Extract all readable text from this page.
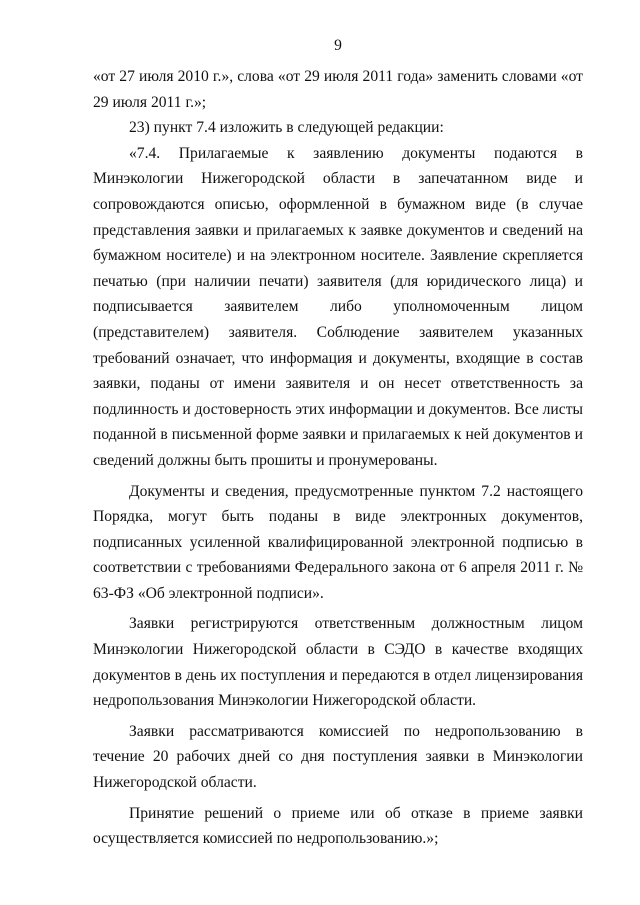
9

«от 27 июля 2010 г.», слова «от 29 июля 2011 года» заменить словами «от 29 июля 2011 г.»;

23) пункт 7.4 изложить в следующей редакции:

«7.4. Прилагаемые к заявлению документы подаются в Минэкологии Нижегородской области в запечатанном виде и сопровождаются описью, оформленной в бумажном виде (в случае представления заявки и прилагаемых к заявке документов и сведений на бумажном носителе) и на электронном носителе. Заявление скрепляется печатью (при наличии печати) заявителя (для юридического лица) и подписывается заявителем либо уполномоченным лицом (представителем) заявителя. Соблюдение заявителем указанных требований означает, что информация и документы, входящие в состав заявки, поданы от имени заявителя и он несет ответственность за подлинность и достоверность этих информации и документов. Все листы поданной в письменной форме заявки и прилагаемых к ней документов и сведений должны быть прошиты и пронумерованы.

Документы и сведения, предусмотренные пунктом 7.2 настоящего Порядка, могут быть поданы в виде электронных документов, подписанных усиленной квалифицированной электронной подписью в соответствии с требованиями Федерального закона от 6 апреля 2011 г. № 63-ФЗ «Об электронной подписи».

Заявки регистрируются ответственным должностным лицом Минэкологии Нижегородской области в СЭДО в качестве входящих документов в день их поступления и передаются в отдел лицензирования недропользования Минэкологии Нижегородской области.

Заявки рассматриваются комиссией по недропользованию в течение 20 рабочих дней со дня поступления заявки в Минэкологии Нижегородской области.

Принятие решений о приеме или об отказе в приеме заявки осуществляется комиссией по недропользованию.»;
